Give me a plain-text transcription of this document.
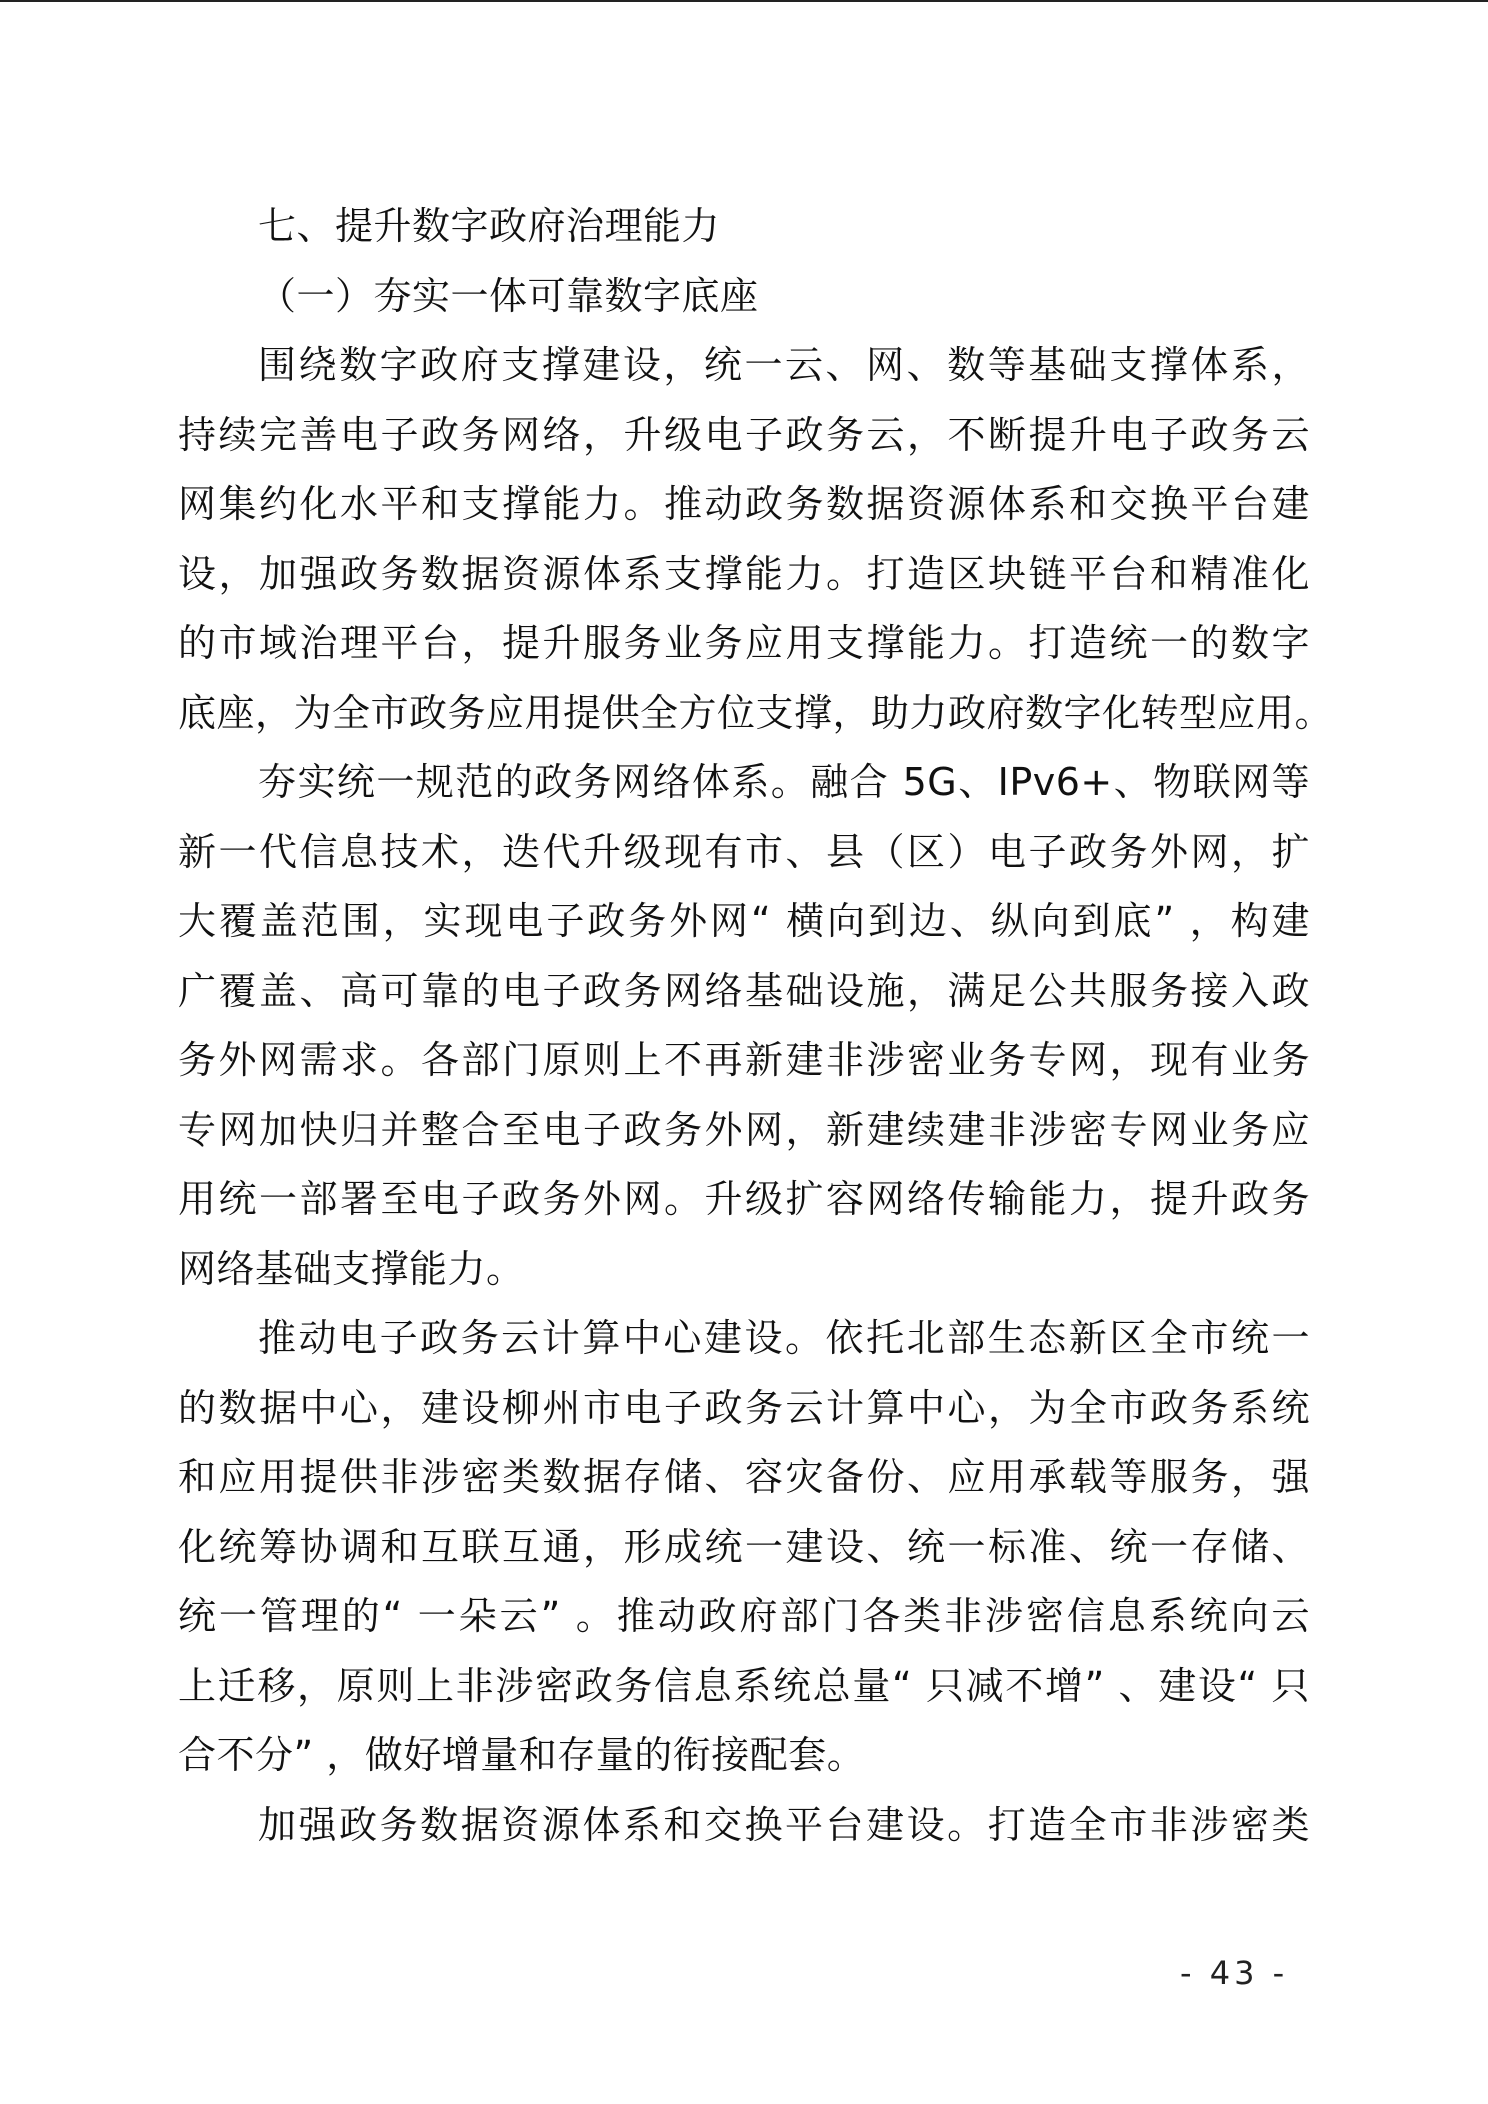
七、提升数字政府治理能力
（一）夯实一体可靠数字底座
围绕数字政府支撑建设，统一云、网、数等基础支撑体系，
持续完善电子政务网络，升级电子政务云，不断提升电子政务云
网集约化水平和支撑能力。推动政务数据资源体系和交换平台建
设，加强政务数据资源体系支撑能力。打造区块链平台和精准化
的市域治理平台，提升服务业务应用支撑能力。打造统一的数字
底座，为全市政务应用提供全方位支撑，助力政府数字化转型应用。
夯实统一规范的政务网络体系。融合 5G、IPv6+、物联网等
新一代信息技术，迭代升级现有市、县（区）电子政务外网，扩
大覆盖范围，实现电子政务外网“ 横向到边、纵向到底” ，构建
广覆盖、高可靠的电子政务网络基础设施，满足公共服务接入政
务外网需求。各部门原则上不再新建非涉密业务专网，现有业务
专网加快归并整合至电子政务外网，新建续建非涉密专网业务应
用统一部署至电子政务外网。升级扩容网络传输能力，提升政务
网络基础支撑能力。
推动电子政务云计算中心建设。依托北部生态新区全市统一
的数据中心，建设柳州市电子政务云计算中心，为全市政务系统
和应用提供非涉密类数据存储、容灾备份、应用承载等服务，强
化统筹协调和互联互通，形成统一建设、统一标准、统一存储、
统一管理的“ 一朵云” 。推动政府部门各类非涉密信息系统向云
上迁移，原则上非涉密政务信息系统总量“ 只减不增” 、建设“ 只
合不分” ，做好增量和存量的衔接配套。
加强政务数据资源体系和交换平台建设。打造全市非涉密类
- 43 -
